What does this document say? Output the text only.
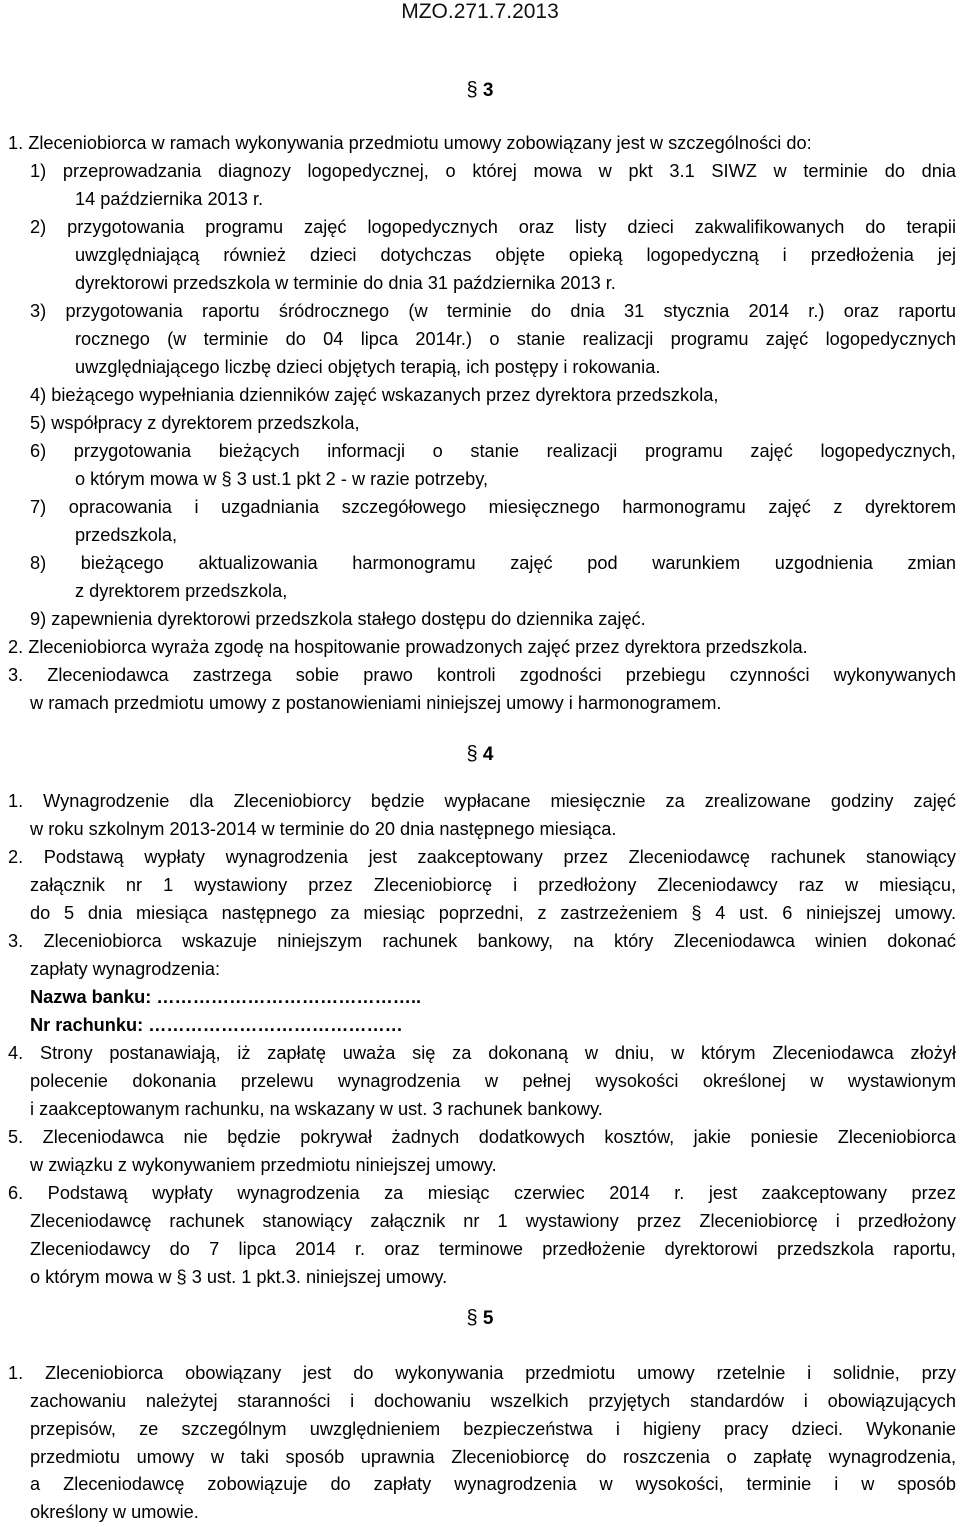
MZO.271.7.2013
§ 3
1. Zleceniobiorca w ramach wykonywania przedmiotu umowy zobowiązany jest w szczególności do:
1) przeprowadzania diagnozy logopedycznej, o której mowa w pkt 3.1 SIWZ w terminie do dnia
14 października 2013 r.
2) przygotowania programu zajęć logopedycznych oraz listy dzieci zakwalifikowanych do terapii
uwzględniającą również dzieci dotychczas objęte opieką logopedyczną i przedłożenia jej
dyrektorowi przedszkola w terminie do dnia 31 października 2013 r.
3) przygotowania raportu śródrocznego (w terminie do dnia 31 stycznia 2014 r.) oraz raportu
rocznego (w terminie do 04 lipca 2014r.) o stanie realizacji programu zajęć logopedycznych
uwzględniającego liczbę dzieci objętych terapią, ich postępy i rokowania.
4) bieżącego wypełniania dzienników zajęć wskazanych przez dyrektora przedszkola,
5) współpracy z dyrektorem przedszkola,
6) przygotowania bieżących informacji o stanie realizacji programu zajęć logopedycznych,
o którym mowa w § 3 ust.1 pkt 2 - w razie potrzeby,
7) opracowania i uzgadniania szczegółowego miesięcznego harmonogramu zajęć z dyrektorem
przedszkola,
8) bieżącego aktualizowania harmonogramu zajęć pod warunkiem uzgodnienia zmian
z dyrektorem przedszkola,
9) zapewnienia dyrektorowi przedszkola stałego dostępu do dziennika zajęć.
2. Zleceniobiorca wyraża zgodę na hospitowanie prowadzonych zajęć przez dyrektora przedszkola.
3. Zleceniodawca zastrzega sobie prawo kontroli zgodności przebiegu czynności wykonywanych
w ramach przedmiotu umowy z postanowieniami niniejszej umowy i harmonogramem.
§ 4
1. Wynagrodzenie dla Zleceniobiorcy będzie wypłacane miesięcznie za zrealizowane godziny zajęć
w roku szkolnym 2013-2014 w terminie do 20 dnia następnego miesiąca.
2. Podstawą wypłaty wynagrodzenia jest zaakceptowany przez Zleceniodawcę rachunek stanowiący
załącznik nr 1 wystawiony przez Zleceniobiorcę i przedłożony Zleceniodawcy raz w miesiącu,
do 5 dnia miesiąca następnego za miesiąc poprzedni, z zastrzeżeniem § 4 ust. 6 niniejszej umowy.
3. Zleceniobiorca wskazuje niniejszym rachunek bankowy, na który Zleceniodawca winien dokonać
zapłaty wynagrodzenia:
Nazwa banku: ……………………………………..
Nr rachunku: ……………………………………
4. Strony postanawiają, iż zapłatę uważa się za dokonaną w dniu, w którym Zleceniodawca złożył
polecenie dokonania przelewu wynagrodzenia w pełnej wysokości określonej w wystawionym
i zaakceptowanym rachunku, na wskazany w ust. 3 rachunek bankowy.
5. Zleceniodawca nie będzie pokrywał żadnych dodatkowych kosztów, jakie poniesie Zleceniobiorca
w związku z wykonywaniem przedmiotu niniejszej umowy.
6. Podstawą wypłaty wynagrodzenia za miesiąc czerwiec 2014 r. jest zaakceptowany przez
Zleceniodawcę rachunek stanowiący załącznik nr 1 wystawiony przez Zleceniobiorcę i przedłożony
Zleceniodawcy do 7 lipca 2014 r. oraz terminowe przedłożenie dyrektorowi przedszkola raportu,
o którym mowa w § 3 ust. 1 pkt.3. niniejszej umowy.
§ 5
1. Zleceniobiorca obowiązany jest do wykonywania przedmiotu umowy rzetelnie i solidnie, przy
zachowaniu należytej staranności i dochowaniu wszelkich przyjętych standardów i obowiązujących
przepisów, ze szczególnym uwzględnieniem bezpieczeństwa i higieny pracy dzieci. Wykonanie
przedmiotu umowy w taki sposób uprawnia Zleceniobiorcę do roszczenia o zapłatę wynagrodzenia,
a Zleceniodawcę zobowiązuje do zapłaty wynagrodzenia w wysokości, terminie i w sposób
określony w umowie.
